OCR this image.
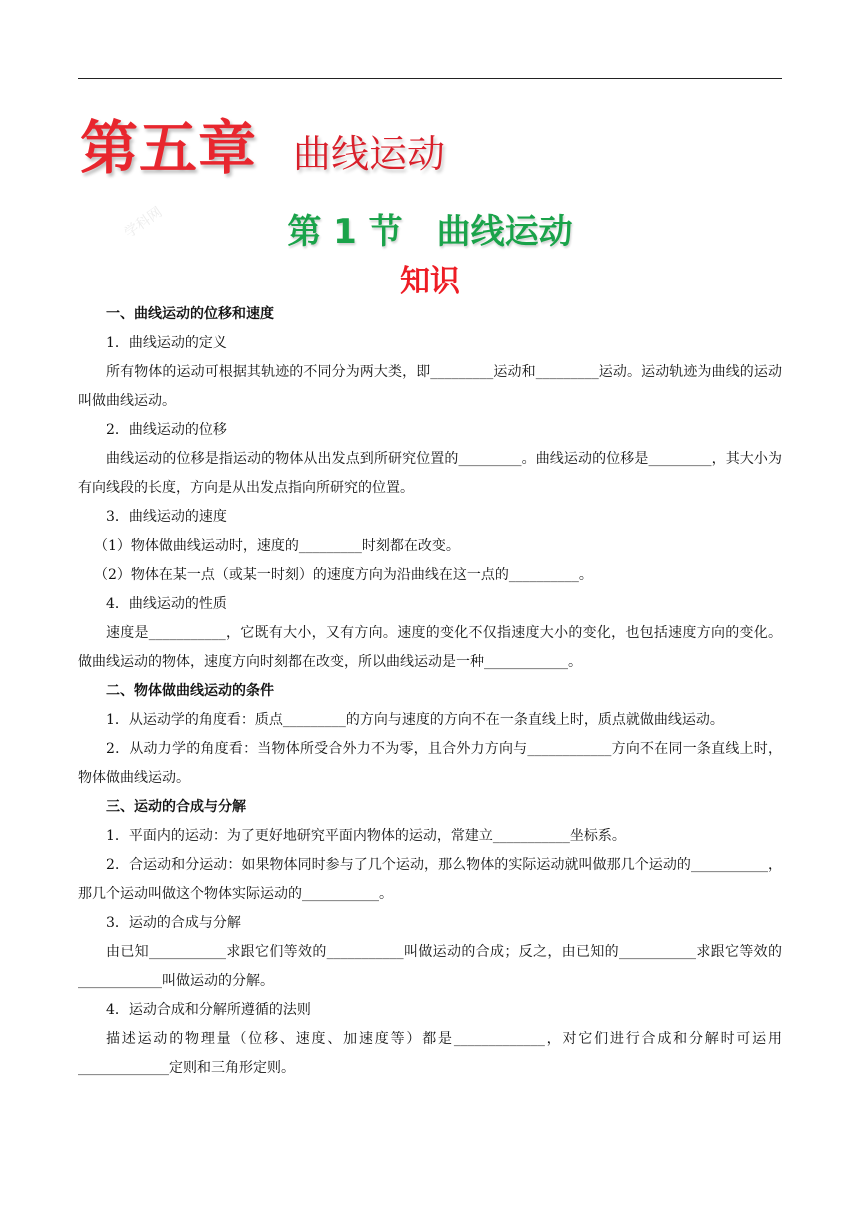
第五章 曲线运动
学科网	第 1 节　曲线运动
知识
一、曲线运动的位移和速度
1．曲线运动的定义

所有物体的运动可根据其轨迹的不同分为两大类，即_________运动和_________运动。运动轨迹为曲线的运动叫做曲线运动。

2．曲线运动的位移

曲线运动的位移是指运动的物体从出发点到所研究位置的_________。曲线运动的位移是_________，其大小为有向线段的长度，方向是从出发点指向所研究的位置。

3．曲线运动的速度

（1）物体做曲线运动时，速度的_________时刻都在改变。

（2）物体在某一点（或某一时刻）的速度方向为沿曲线在这一点的__________。

4．曲线运动的性质

速度是___________，它既有大小，又有方向。速度的变化不仅指速度大小的变化，也包括速度方向的变化。做曲线运动的物体，速度方向时刻都在改变，所以曲线运动是一种____________。

二、物体做曲线运动的条件

1．从运动学的角度看：质点_________的方向与速度的方向不在一条直线上时，质点就做曲线运动。

2．从动力学的角度看：当物体所受合外力不为零，且合外力方向与____________方向不在同一条直线上时，物体做曲线运动。

三、运动的合成与分解

1．平面内的运动：为了更好地研究平面内物体的运动，常建立___________坐标系。

2．合运动和分运动：如果物体同时参与了几个运动，那么物体的实际运动就叫做那几个运动的___________，那几个运动叫做这个物体实际运动的___________。

3．运动的合成与分解

由已知___________求跟它们等效的___________叫做运动的合成；反之，由已知的___________求跟它等效的____________叫做运动的分解。

4．运动合成和分解所遵循的法则

描述运动的物理量（位移、速度、加速度等）都是_____________，对它们进行合成和分解时可运用_____________定则和三角形定则。
